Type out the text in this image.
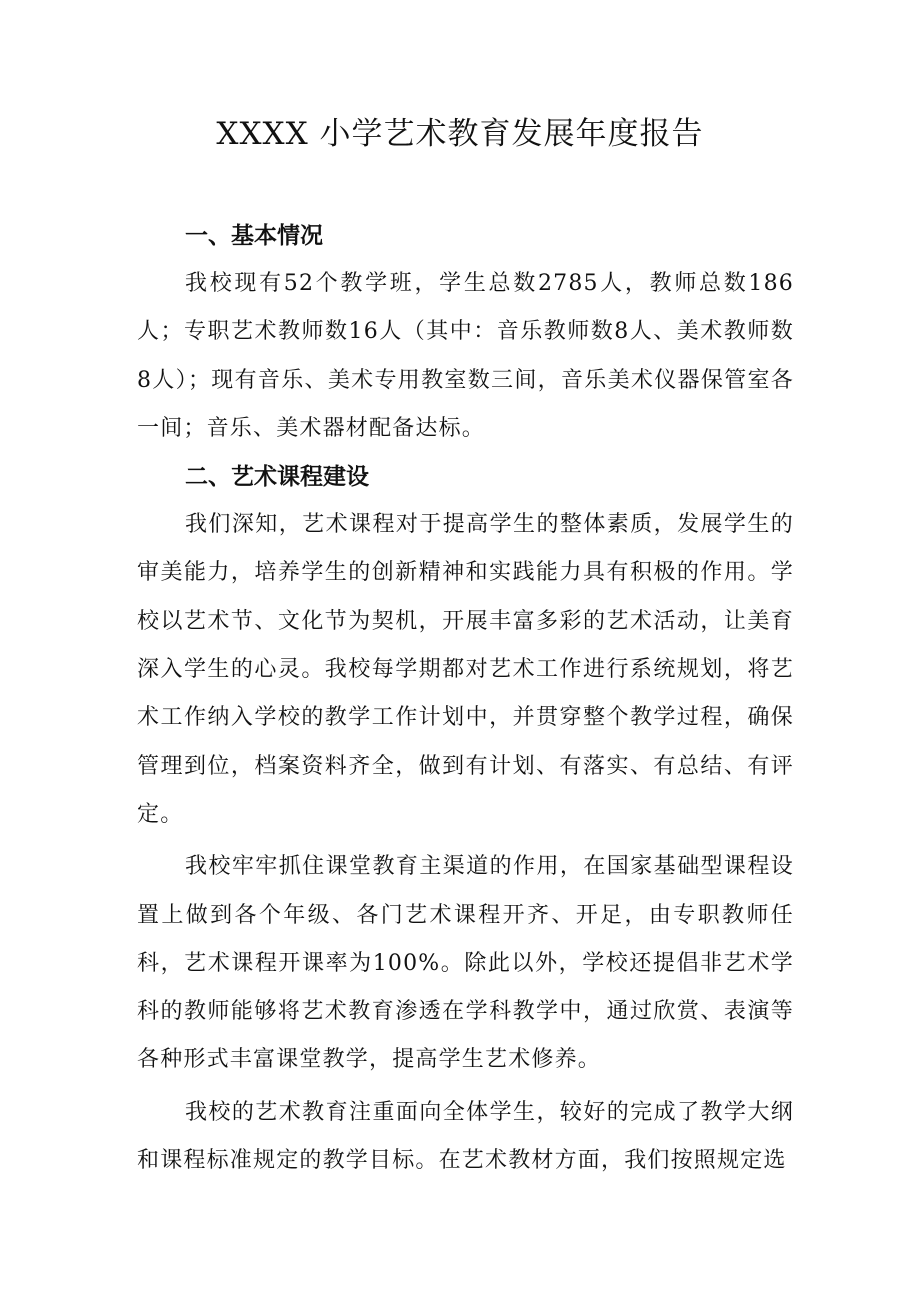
XXXX 小学艺术教育发展年度报告
一、基本情况

我校现有52个教学班，学生总数2785人，教师总数186人；专职艺术教师数16人（其中：音乐教师数8人、美术教师数8人）；现有音乐、美术专用教室数三间，音乐美术仪器保管室各一间；音乐、美术器材配备达标。

二、艺术课程建设

我们深知，艺术课程对于提高学生的整体素质，发展学生的审美能力，培养学生的创新精神和实践能力具有积极的作用。学校以艺术节、文化节为契机，开展丰富多彩的艺术活动，让美育深入学生的心灵。我校每学期都对艺术工作进行系统规划，将艺术工作纳入学校的教学工作计划中，并贯穿整个教学过程，确保管理到位，档案资料齐全，做到有计划、有落实、有总结、有评定。

我校牢牢抓住课堂教育主渠道的作用，在国家基础型课程设置上做到各个年级、各门艺术课程开齐、开足，由专职教师任科，艺术课程开课率为100%。除此以外，学校还提倡非艺术学科的教师能够将艺术教育渗透在学科教学中，通过欣赏、表演等各种形式丰富课堂教学，提高学生艺术修养。

我校的艺术教育注重面向全体学生，较好的完成了教学大纲和课程标准规定的教学目标。在艺术教材方面，我们按照规定选
